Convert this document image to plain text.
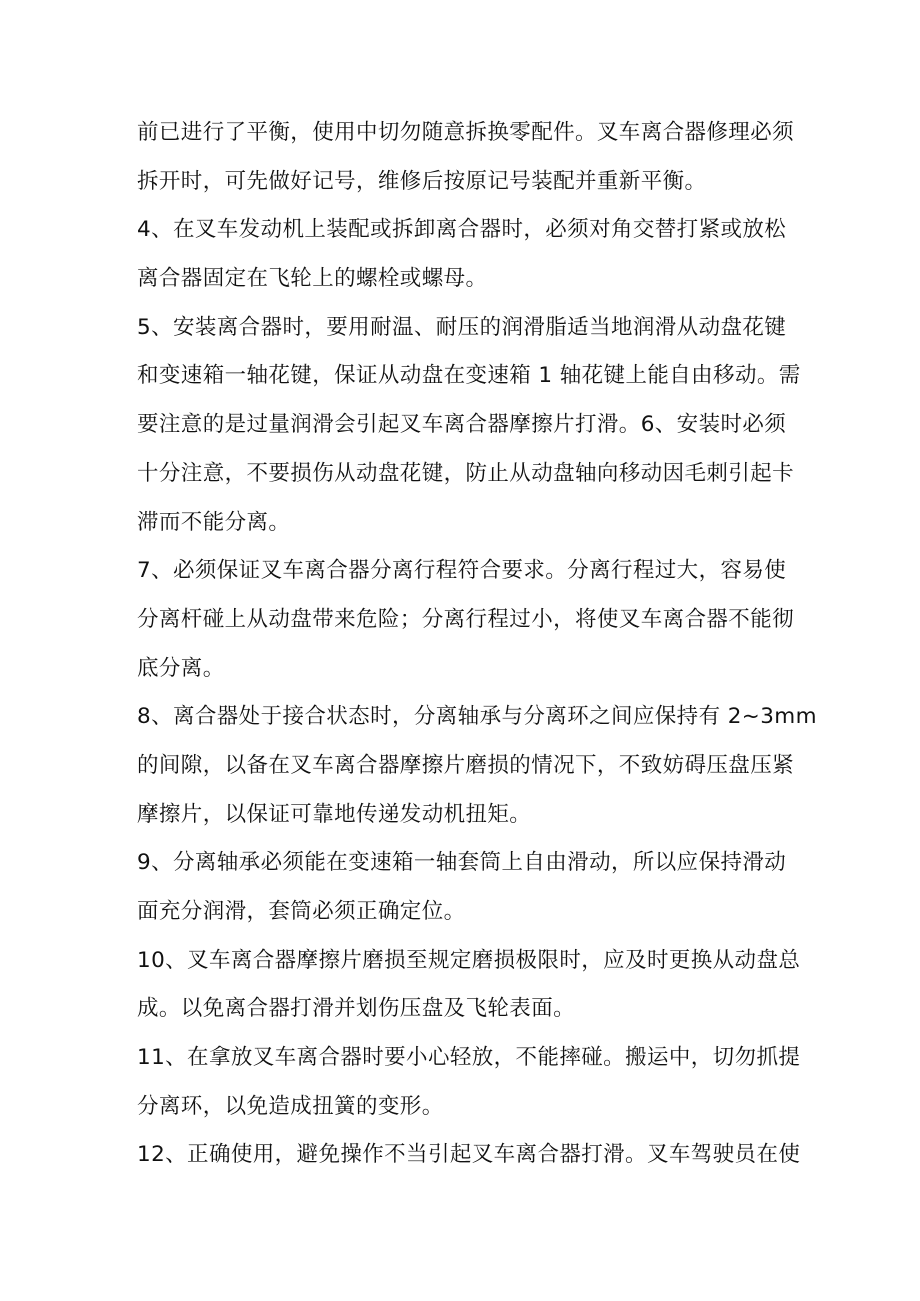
前已进行了平衡，使用中切勿随意拆换零配件。叉车离合器修理必须
拆开时，可先做好记号，维修后按原记号装配并重新平衡。
4、在叉车发动机上装配或拆卸离合器时，必须对角交替打紧或放松
离合器固定在飞轮上的螺栓或螺母。
5、安装离合器时，要用耐温、耐压的润滑脂适当地润滑从动盘花键
和变速箱一轴花键，保证从动盘在变速箱 1 轴花键上能自由移动。需
要注意的是过量润滑会引起叉车离合器摩擦片打滑。6、安装时必须
十分注意，不要损伤从动盘花键，防止从动盘轴向移动因毛刺引起卡
滞而不能分离。
7、必须保证叉车离合器分离行程符合要求。分离行程过大，容易使
分离杆碰上从动盘带来危险；分离行程过小，将使叉车离合器不能彻
底分离。
8、离合器处于接合状态时，分离轴承与分离环之间应保持有 2~3mm
的间隙，以备在叉车离合器摩擦片磨损的情况下，不致妨碍压盘压紧
摩擦片，以保证可靠地传递发动机扭矩。
9、分离轴承必须能在变速箱一轴套筒上自由滑动，所以应保持滑动
面充分润滑，套筒必须正确定位。
10、叉车离合器摩擦片磨损至规定磨损极限时，应及时更换从动盘总
成。以免离合器打滑并划伤压盘及飞轮表面。
11、在拿放叉车离合器时要小心轻放，不能摔碰。搬运中，切勿抓提
分离环，以免造成扭簧的变形。
12、正确使用，避免操作不当引起叉车离合器打滑。叉车驾驶员在使
